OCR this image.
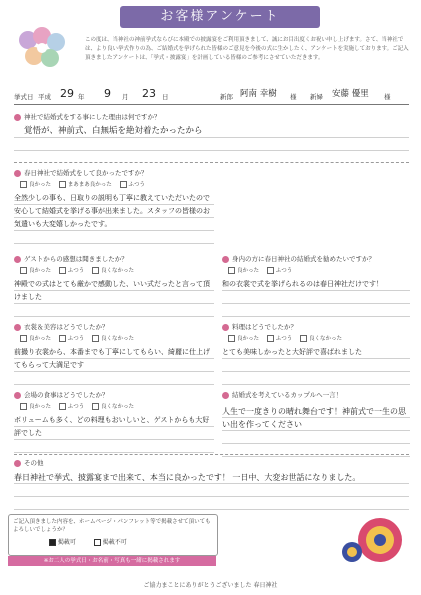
お客様アンケート
この度は、当神社の神前挙式ならびに本殿での披露宴をご利用頂きまして、誠にお目出度くお祝い申し上げます。さて、当神社では、より良い挙式作りの為、ご結婚式を挙げられた皆様のご意見を今後の式に生かしたく、アンケートを実施しております。ご記入頂きましたアンケートは、「挙式・披露宴」を計画している皆様のご参考にさせていただきます。
挙式日 平成 29 年 9 月 23 日	新郎 阿南 幸樹 様 新婦 安藤 優里 様
神社で結婚式をする事にした理由は何ですか？
覚悟が、神前式、白無垢を絶対着たかったから
春日神社で結婚式をして良かったですか？
良かった	まあまあ良かった	ふつう
全然少しの事も、日取りの説明も丁寧に教えていただいたので安心して結婚式を挙げる事が出来ました。スタッフの皆様のお気遣いも大変嬉しかったです。
ゲストからの感想は聞きましたか？
良かった	ふつう	良くなかった
神殿での式はとても厳かで感動した、いい式だったと言って頂けました
衣裳＆美容はどうでしたか？
良かった	ふつう	良くなかった
前撮り衣裳から、本番までも丁寧にしてもらい、綺麗に仕上げてもらって大満足です
会場の食事はどうでしたか？
良かった	ふつう	良くなかった
ボリュームも多く、どの料理もおいしいと、ゲストからも大好評でした
身内の方に春日神社の結婚式を勧めたいですか？
良かった	ふつう
和の衣裳で式を挙げられるのは春日神社だけです！
料理はどうでしたか？
良かった	ふつう	良くなかった
とても美味しかったと大好評で喜ばれました
結婚式を考えているカップルへ一言！
人生で一度きりの晴れ舞台です！神前式で一生の思い出を作ってください
その他
春日神社で挙式、披露宴まで出来て、本当に良かったです！ 一日中、大変お世話になりました。
ご記入頂きました内容を、ホームページ・パンフレット等で掲載させて頂いてもよろしいでしょうか？
掲載可	掲載不可
※お二人の挙式日・お名前・写真も一緒に掲載されます
ご協力まことにありがとうございました 春日神社
